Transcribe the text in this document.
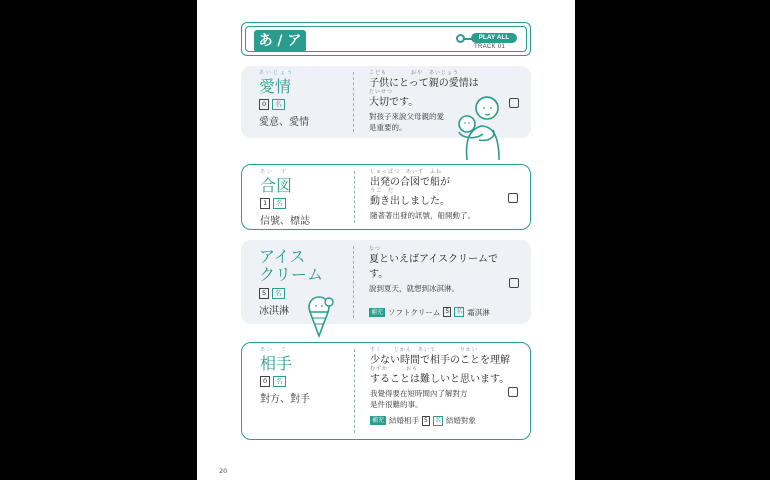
あ / ア	PLAY ALL
TRACK 01
あいじょう
愛情
0	名
愛意、愛情
こども　　　　おや　あいじょう
子供にとって親の愛情は
たいせつ
大切です。
對孩子來說父母親的愛
是重要的。
あい　ず
合図
1	名
信號、標誌
しゅっぱつ　あいず　ふね
出発の合図で船が
うご　だ
動き出しました。
隨著著出發的訊號，船開動了。
アイス
クリーム
5	名
冰淇淋
なつ
夏といえばアイスクリームです。
說到夏天，就想到冰淇淋。
補充 ソフトクリーム 5	名 霜淇淋
あい　て
相手
0	名
對方、對手
すく　　じかん　あいて　　　　りかい
少ない時間で相手のことを理解
むずか　　　おも
することは難しいと思います。
我覺得要在短時間內了解對方
是件很難的事。
補充 結婚相手 5	名 結婚對象
20
